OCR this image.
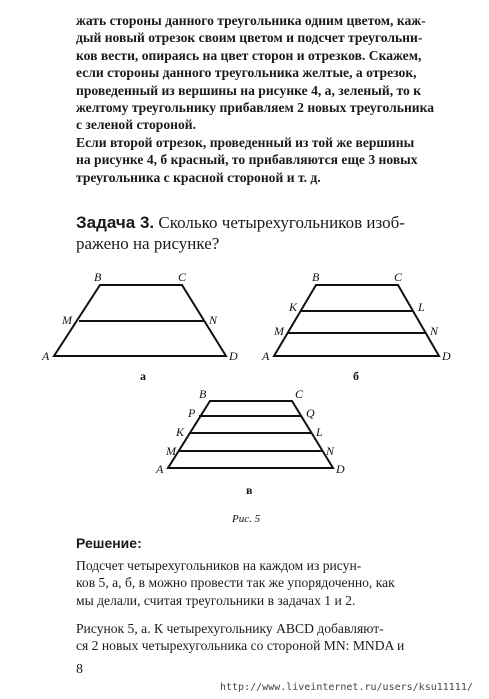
жать стороны данного треугольника одним цветом, каж-
дый новый отрезок своим цветом и подсчет треугольни-
ков вести, опираясь на цвет сторон и отрезков. Скажем,
если стороны данного треугольника желтые, а отрезок,
проведенный из вершины на рисунке 4, а, зеленый, то к
желтому треугольнику прибавляем 2 новых треугольника
с зеленой стороной.
Если второй отрезок, проведенный из той же вершины
на рисунке 4, б красный, то прибавляются еще 3 новых
треугольника с красной стороной и т. д.
Задача 3. Сколько четырехугольников изоб-
ражено на рисунке?
B	C
M	N
A	D
а
B	C
K	L
M	N
A	D
б
B	C
P	Q
K	L
M	N
A	D
в
Рис. 5
Решение:
Подсчет четырехугольников на каждом из рисун-
ков 5, а, б, в можно провести так же упорядоченно, как
мы делали, считая треугольники в задачах 1 и 2.
Рисунок 5, а. К четырехугольнику ABCD добавляют-
ся 2 новых четырехугольника со стороной MN: MNDA и
8
http://www.liveinternet.ru/users/ksu11111/
